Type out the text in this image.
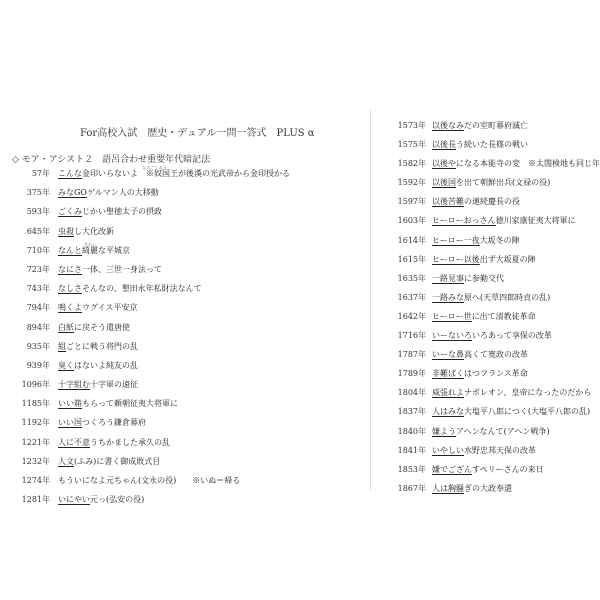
For高校入試　歴史・デュアル一問一答式　PLUS α
◇ モア・アシスト２　語呂合わせ重要年代暗記法
57年 こんな金印いらないよ　※奴国王が後漢の光武帝から金印授かる
なのこくおう
375年 みなGOゲルマン人の大移動
593年 ごくみじかい聖徳太子の摂政
645年 虫殺し大化改新
710年 なんと綺麗な平城京
きれい
723年 なにさ一体、三世一身法って
743年 なしさそんなの、墾田永年私財法なんて
794年 鳴くよウグイス平安京
894年 白紙に戻そう遣唐使
935年 組ごとに戦う将門の乱
939年 臭くはないよ純友の乱
1096年 十字組む十字軍の遠征
1185年 いい箱もらって頼朝征夷大将軍に
1192年 いい国つくろう鎌倉幕府
1221年 人に不意うちかました承久の乱
1232年 人文(ふみ)に書く御成敗式目
1274年 もういになよ元ちゃん(文永の役)　　※いぬ＝帰る
1281年 いにやい元っ(弘安の役)
1573年 以後なみだの室町幕府滅亡
1575年 以後長う続いた長篠の戦い
1582年 以後やになる本能寺の変　※太閤検地も同じ年
1592年 以後国を出て朝鮮出兵(文禄の役)
1597年 以後苦難の連続慶長の役
1603年 ヒーローおっさん徳川家康征夷大将軍に
1614年 ヒーロー一夜大坂冬の陣
1615年 ヒーロー以後出ず大坂夏の陣
1635年 一路見事に参勤交代
1637年 一路みな原へ(天草四郎時貞の乱)
1642年 ヒーロー世に出て清教徒革命
1716年 いーないろいろあって享保の改革
1787年 いーな鼻高くて寛政の改革
1789年 非難ぱくはつフランス革命
1804年 威張れよナポレオン、皇帝になったのだから
1837年 人はみな大塩平八郎につく(大塩平八郎の乱)
1840年 嫌ようアヘンなんて(アヘン戦争)
1841年 いやしい水野忠邦天保の改革
1853年 嫌でござんすペリーさんの来日
1867年 人は胸騒ぎの大政奉還
